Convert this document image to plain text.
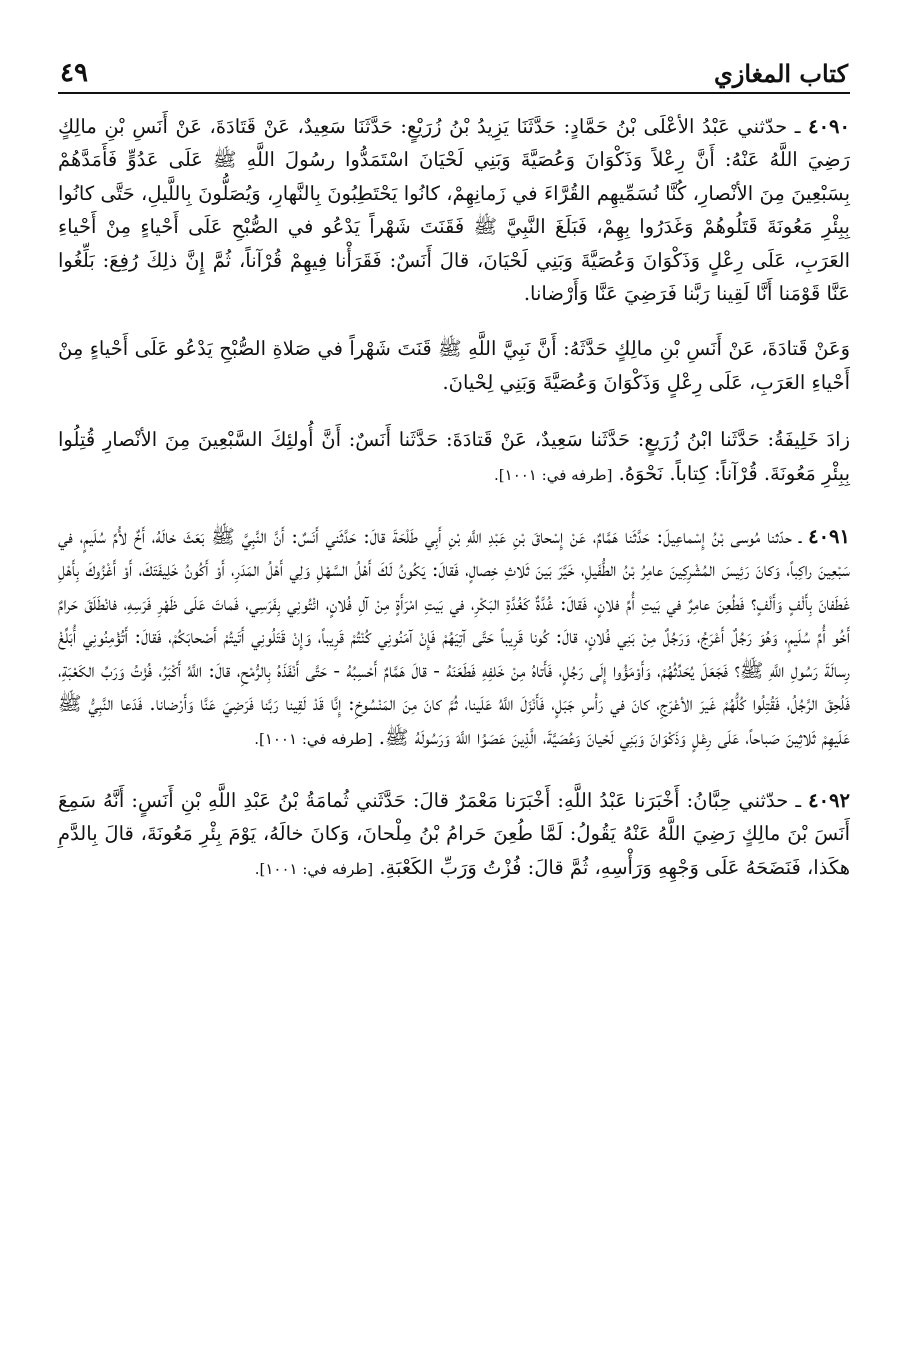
كتاب المغازي
٤٩

٤٠٩٠ ـ حدّثني عَبْدُ الأعْلَى بْنُ حَمَّادٍ: حَدَّثَنَا يَزِيدُ بْنُ زُرَيْعٍ: حَدَّثَنَا سَعِيدٌ، عَنْ قَتَادَةَ، عَنْ أَنَسِ بْنِ مالِكٍ رَضِيَ اللَّهُ عَنْهُ: أَنَّ رِعْلاً وَذَكْوَانَ وَعُصَيَّةَ وَبَنِي لَحْيَانَ اسْتَمَدُّوا رسُولَ اللَّهِ ﷺ عَلَى عَدُوٍّ فَأَمَدَّهُمْ بِسَبْعِينَ مِنَ الأنْصارِ، كُنَّا نُسَمِّيهِم القُرَّاءَ في زَمانِهِمْ، كانُوا يَحْتَطِبُونَ بِالنَّهارِ، وَيُصَلُّونَ بِاللَّيلِ، حَتَّى كانُوا بِبِئْرِ مَعُونَةَ قَتَلُوهُمْ وَغَدَرُوا بِهِمْ، فَبَلَغَ النَّبِيَّ ﷺ فَقَنَتَ شَهْراً يَدْعُو في الصُّبْحِ عَلَى أَحْياءٍ مِنْ أَحْياءِ العَرَبِ، عَلَى رِعْلٍ وَذَكْوَانَ وَعُصَيَّةَ وَبَنِي لَحْيَانَ، قالَ أَنَسٌ: فَقَرَأْنا فِيهِمْ قُرْآناً، ثُمَّ إِنَّ ذلِكَ رُفِعَ: بَلِّغُوا عَنَّا قَوْمَنا أَنَّا لَقِينا رَبَّنا فَرَضِيَ عَنَّا وَأَرْضانا.

وَعَنْ قَتادَةَ، عَنْ أَنَسِ بْنِ مالِكٍ حَدَّثَهُ: أَنَّ نَبِيَّ اللَّهِ ﷺ قَنَتَ شَهْراً في صَلاةِ الصُّبْحِ يَدْعُو عَلَى أَحْياءٍ مِنْ أَحْياءِ العَرَبِ، عَلَى رِعْلٍ وَذَكْوَانَ وَعُصَيَّةَ وَبَنِي لِحْيانَ.

زادَ خَلِيفَةُ: حَدَّثَنا ابْنُ زُرَيعٍ: حَدَّثَنا سَعِيدٌ، عَنْ قَتادَةَ: حَدَّثَنا أَنَسٌ: أَنَّ أُولئِكَ السَّبْعِينَ مِنَ الأنْصارِ قُتِلُوا بِبِئْرِ مَعُونَةَ. قُرْآناً: كِتاباً. نَحْوَهُ. [طرفه في: ١٠٠١].

٤٠٩١ ـ حدّثنا مُوسى بْنُ إِسْماعِيلَ: حَدَّثَنا هَمَّامٌ، عَنْ إِسْحاقَ بْنِ عَبْدِ اللَّهِ بْنِ أَبِي طَلْحَةَ قالَ: حَدَّثَني أَنَسٌ: أَنَّ النَّبِيَّ ﷺ بَعَثَ خالَهُ، أَخٌ لأُمِّ سُلَيمٍ، في سَبْعِينَ راكِباً، وَكانَ رَئِيسَ المُشْرِكِينَ عامِرُ بْنُ الطُّفَيلِ، خَيَّرَ بَينَ ثَلاثِ خِصالٍ، فَقالَ: يَكُونُ لَكَ أَهْلُ السَّهْلِ وَلِي أَهْلُ المَدَرِ، أَوْ أَكُونُ خَلِيفَتَكَ، أَوْ أَغْزُوكَ بِأَهْلِ غَطَفانَ بِأَلْفٍ وَأَلْفٍ؟ فَطُعِنَ عامِرٌ في بَيتِ أُمِّ فلانٍ، فَقالَ: غُدَّةٌ كَغُدَّةِ البَكْرِ، في بَيتِ امْرَأَةٍ مِنْ آلِ فُلانٍ، ائْتُونِي بِفَرَسِي، فَماتَ عَلَى ظَهْرِ فَرَسِهِ، فانْطَلَقَ حَرامٌ أَخُو أُمِّ سُلَيمٍ، وَهُوَ رَجُلٌ أَعْرَجُ، وَرَجُلٌ مِنْ بَنِي فُلانٍ، قالَ: كُونا قَرِيباً حَتَّى آتِيَهُمْ فَإِنْ آمَنُونِي كُنْتُمْ قَرِيباً، وَإِنْ قَتَلُونِي أَتَيتُمْ أَصْحابَكُمْ، فَقالَ: أَتُؤْمِنُونِي أُبَلِّغْ رِسالَةَ رَسُولِ اللَّهِ ﷺ؟ فَجَعَلَ يُحَدِّثُهُمْ، وَأَوْمَؤُوا إِلَى رَجُلٍ، فَأَتاهُ مِنْ خَلفِهِ فَطَعَنَهُ - قالَ هَمَّامٌ أَحْسِبُهُ - حَتَّى أَنْفَذَهُ بِالرُّمْحِ، قالَ: اللَّهُ أَكْبَرُ، فُزْتُ وَرَبِّ الكَعْبَةِ، فَلُحِقَ الرَّجُلُ، فَقُتِلُوا كُلُّهُمْ غَيرَ الأعْرَجِ، كانَ في رَأْسِ جَبَلٍ، فَأَنْزَلَ اللَّهُ عَلَينا، ثُمَّ كانَ مِنَ المَنْسُوخِ: إِنَّا قَدْ لَقِينا رَبَّنا فَرَضِيَ عَنَّا وَأَرْضانا. فَدَعا النَّبِيُّ ﷺ عَلَيهِمْ ثَلاثِينَ صَباحاً، عَلَى رِعْلٍ وَذَكْوَانَ وَبَنِي لَحْيانَ وَعُصَيَّةَ، الَّذِينَ عَصَوُا اللَّهَ وَرَسُولَهُ ﷺ. [طرفه في: ١٠٠١].

٤٠٩٢ ـ حدّثني حِبَّانُ: أَخْبَرَنا عَبْدُ اللَّهِ: أَخْبَرَنا مَعْمَرٌ قالَ: حَدَّثَني ثُمامَةُ بْنُ عَبْدِ اللَّهِ بْنِ أَنَسٍ: أَنَّهُ سَمِعَ أَنَسَ بْنَ مالِكٍ رَضِيَ اللَّهُ عَنْهُ يَقُولُ: لَمَّا طُعِنَ حَرامُ بْنُ مِلْحانَ، وَكانَ خالَهُ، يَوْمَ بِئْرِ مَعُونَةَ، قالَ بِالدَّمِ هكَذا، فَنَضَحَهُ عَلَى وَجْهِهِ وَرَأْسِهِ، ثُمَّ قالَ: فُزْتُ وَرَبِّ الكَعْبَةِ. [طرفه في: ١٠٠١].
